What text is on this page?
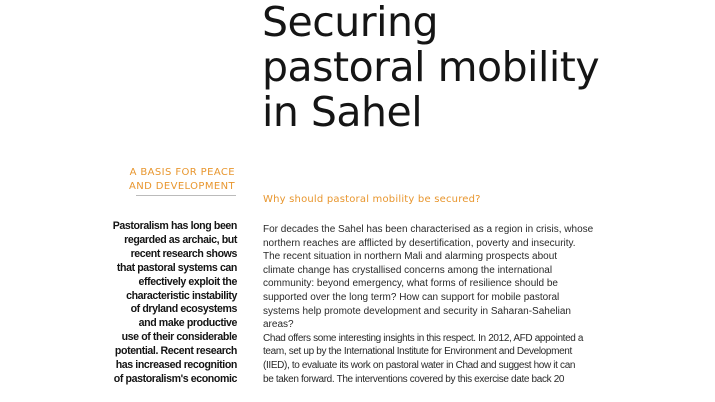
Securing
pastoral mobility
in Sahel
A BASIS FOR PEACE
AND DEVELOPMENT
Pastoralism has long been
regarded as archaic, but
recent research shows
that pastoral systems can
effectively exploit the
characteristic instability
of dryland ecosystems
and make productive
use of their considerable
potential. Recent research
has increased recognition
of pastoralism's economic
Why should pastoral mobility be secured?
For decades the Sahel has been characterised as a region in crisis, whose
northern reaches are afflicted by desertification, poverty and insecurity.
The recent situation in northern Mali and alarming prospects about
climate change has crystallised concerns among the international
community: beyond emergency, what forms of resilience should be
supported over the long term? How can support for mobile pastoral
systems help promote development and security in Saharan-Sahelian
areas?
Chad offers some interesting insights in this respect. In 2012, AFD appointed a
team, set up by the International Institute for Environment and Development
(IIED), to evaluate its work on pastoral water in Chad and suggest how it can
be taken forward. The interventions covered by this exercise date back 20
